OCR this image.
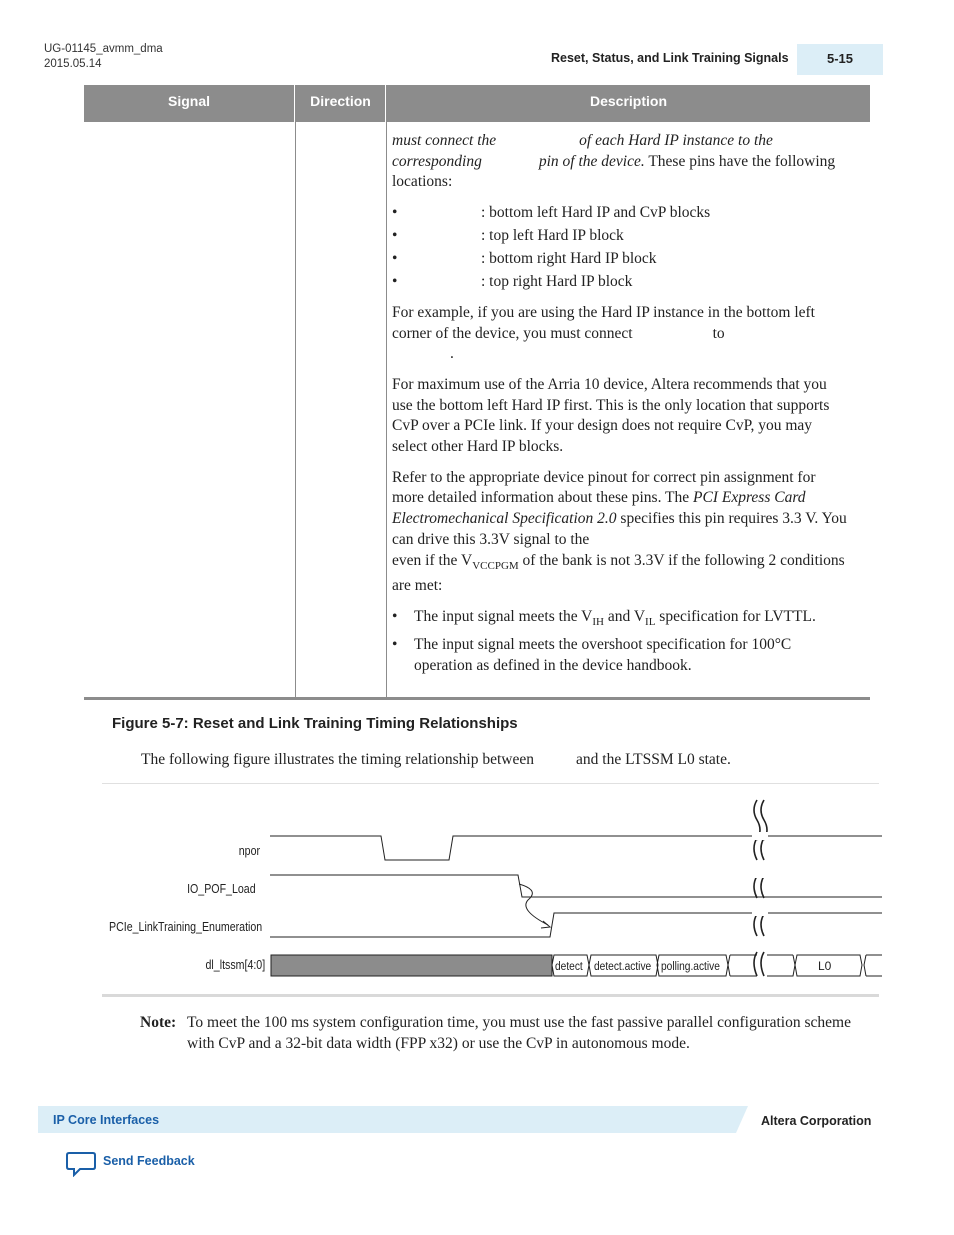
UG-01145_avmm_dma
2015.05.14	Reset, Status, and Link Training Signals	5-15
Signal	Direction	Description

must connect the	of each Hard IP instance to the
corresponding	pin of the device. These pins have the following locations:

• : bottom left Hard IP and CvP blocks
• : top left Hard IP block
• : bottom right Hard IP block
• : top right Hard IP block

For example, if you are using the Hard IP instance in the bottom left corner of the device, you must connect	to
.

For maximum use of the Arria 10 device, Altera recommends that you use the bottom left Hard IP first. This is the only location that supports CvP over a PCIe link. If your design does not require CvP, you may select other Hard IP blocks.

Refer to the appropriate device pinout for correct pin assignment for more detailed information about these pins. The PCI Express Card Electromechanical Specification 2.0 specifies this pin requires 3.3 V. You can drive this 3.3V signal to the
even if the $V_{VCCPGM}$ of the bank is not 3.3V if the following 2 conditions are met:

• The input signal meets the $V_{IH}$ and $V_{IL}$ specification for LVTTL.
• The input signal meets the overshoot specification for 100°C operation as defined in the device handbook.
Figure 5-7: Reset and Link Training Timing Relationships
The following figure illustrates the timing relationship between	and the LTSSM L0 state.
npor
IO_POF_Load
PCIe_LinkTraining_Enumeration
dl_ltssm[4:0]	detect detect.active polling.active	L0
Note: To meet the 100 ms system configuration time, you must use the fast passive parallel configuration scheme with CvP and a 32-bit data width (FPP x32) or use the CvP in autonomous mode.
IP Core Interfaces	Altera Corporation
Send Feedback
